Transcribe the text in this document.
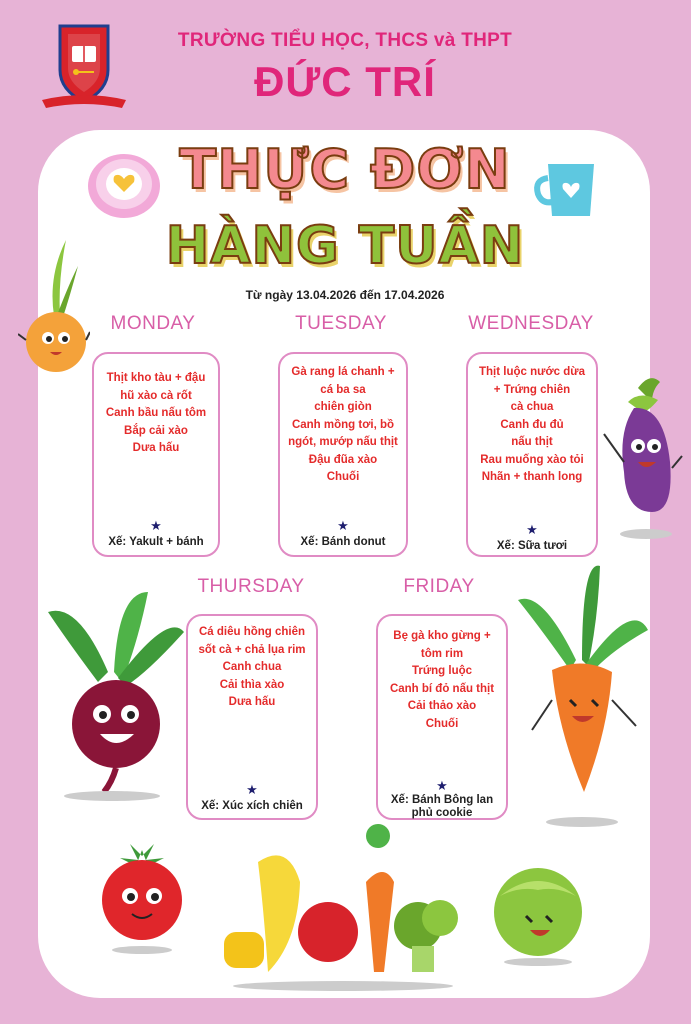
TRƯỜNG TIỂU HỌC, THCS và THPT
ĐỨC TRÍ
THỰC ĐƠN
HÀNG TUẦN
Từ ngày 13.04.2026 đến 17.04.2026
MONDAY	TUESDAY	WEDNESDAY
THURSDAY	FRIDAY
Thịt kho tàu + đậu
hũ xào cà rốt
Canh bầu nấu tôm
Bắp cải xào
Dưa hấu
★
Xế: Yakult + bánh
Gà rang lá chanh +
cá ba sa
chiên giòn
Canh mồng tơi, bồ
ngót, mướp nấu thịt
Đậu đũa xào
Chuối
★
Xế: Bánh donut
Thịt luộc nước dừa
+ Trứng chiên
cà chua
Canh đu đủ
nấu thịt
Rau muống xào tỏi
Nhãn + thanh long
★
Xế: Sữa tươi
Cá diêu hồng chiên
sốt cà + chả lụa rim
Canh chua
Cải thìa xào
Dưa hấu
★
Xế: Xúc xích chiên
Bẹ gà kho gừng +
tôm rim
Trứng luộc
Canh bí đỏ nấu thịt
Cải thảo xào
Chuối
★
Xế: Bánh Bông lan phủ cookie
